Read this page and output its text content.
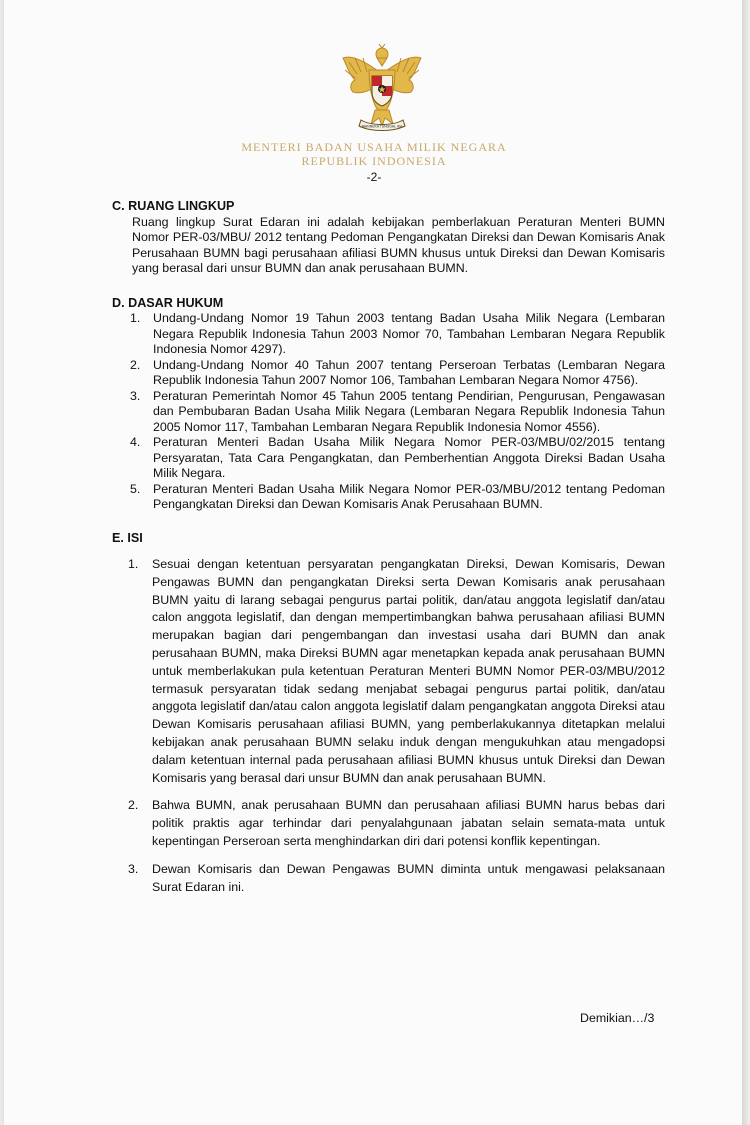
BHINNEKA TUNGGAL IKA
MENTERI BADAN USAHA MILIK NEGARA
REPUBLIK INDONESIA
-2-

C. RUANG LINGKUP

Ruang lingkup Surat Edaran ini adalah kebijakan pemberlakuan Peraturan Menteri BUMN Nomor PER-03/MBU/ 2012 tentang Pedoman Pengangkatan Direksi dan Dewan Komisaris Anak Perusahaan BUMN bagi perusahaan afiliasi BUMN khusus untuk Direksi dan Dewan Komisaris yang berasal dari unsur BUMN dan anak perusahaan BUMN.

D. DASAR HUKUM

1. Undang-Undang Nomor 19 Tahun 2003 tentang Badan Usaha Milik Negara (Lembaran Negara Republik Indonesia Tahun 2003 Nomor 70, Tambahan Lembaran Negara Republik Indonesia Nomor 4297).
2. Undang-Undang Nomor 40 Tahun 2007 tentang Perseroan Terbatas (Lembaran Negara Republik Indonesia Tahun 2007 Nomor 106, Tambahan Lembaran Negara Nomor 4756).
3. Peraturan Pemerintah Nomor 45 Tahun 2005 tentang Pendirian, Pengurusan, Pengawasan dan Pembubaran Badan Usaha Milik Negara (Lembaran Negara Republik Indonesia Tahun 2005 Nomor 117, Tambahan Lembaran Negara Republik Indonesia Nomor 4556).
4. Peraturan Menteri Badan Usaha Milik Negara Nomor PER-03/MBU/02/2015 tentang Persyaratan, Tata Cara Pengangkatan, dan Pemberhentian Anggota Direksi Badan Usaha Milik Negara.
5. Peraturan Menteri Badan Usaha Milik Negara Nomor PER-03/MBU/2012 tentang Pedoman Pengangkatan Direksi dan Dewan Komisaris Anak Perusahaan BUMN.

E. ISI

1. Sesuai dengan ketentuan persyaratan pengangkatan Direksi, Dewan Komisaris, Dewan Pengawas BUMN dan pengangkatan Direksi serta Dewan Komisaris anak perusahaan BUMN yaitu di larang sebagai pengurus partai politik, dan/atau anggota legislatif dan/atau calon anggota legislatif, dan dengan mempertimbangkan bahwa perusahaan afiliasi BUMN merupakan bagian dari pengembangan dan investasi usaha dari BUMN dan anak perusahaan BUMN, maka Direksi BUMN agar menetapkan kepada anak perusahaan BUMN untuk memberlakukan pula ketentuan Peraturan Menteri BUMN Nomor PER-03/MBU/2012 termasuk persyaratan tidak sedang menjabat sebagai pengurus partai politik, dan/atau anggota legislatif dan/atau calon anggota legislatif dalam pengangkatan anggota Direksi atau Dewan Komisaris perusahaan afiliasi BUMN, yang pemberlakukannya ditetapkan melalui kebijakan anak perusahaan BUMN selaku induk dengan mengukuhkan atau mengadopsi dalam ketentuan internal pada perusahaan afiliasi BUMN khusus untuk Direksi dan Dewan Komisaris yang berasal dari unsur BUMN dan anak perusahaan BUMN.
2. Bahwa BUMN, anak perusahaan BUMN dan perusahaan afiliasi BUMN harus bebas dari politik praktis agar terhindar dari penyalahgunaan jabatan selain semata-mata untuk kepentingan Perseroan serta menghindarkan diri dari potensi konflik kepentingan.
3. Dewan Komisaris dan Dewan Pengawas BUMN diminta untuk mengawasi pelaksanaan Surat Edaran ini.
Demikian…/3
